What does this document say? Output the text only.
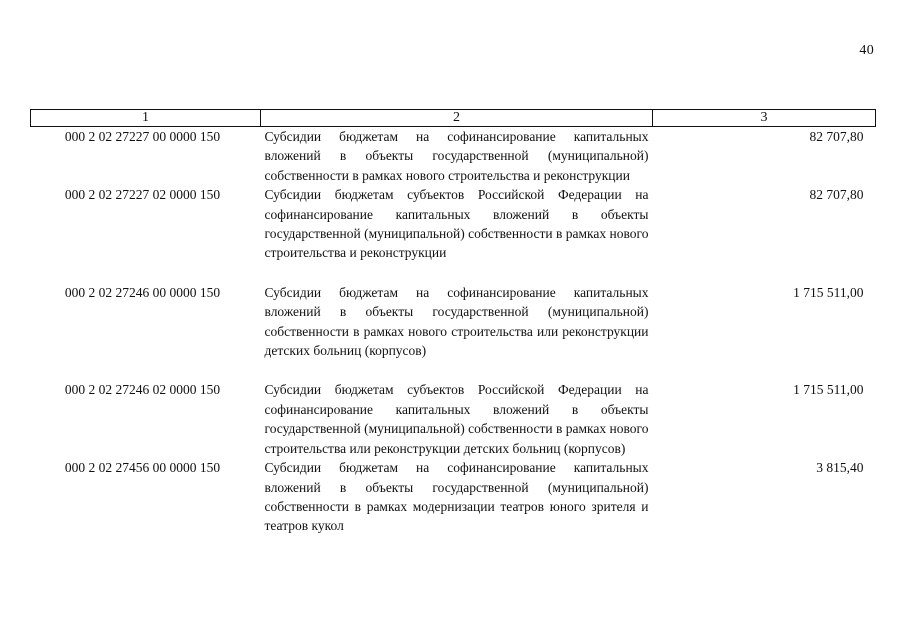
40
1	2	3
000 2 02 27227 00 0000 150	Субсидии бюджетам на софинансирование капитальных вложений в объекты государственной (муниципальной) собственности в рамках нового строительства и реконструкции	82 707,80
000 2 02 27227 02 0000 150	Субсидии бюджетам субъектов Российской Федерации на софинансирование капитальных вложений в объекты государственной (муниципальной) собственности в рамках нового строительства и реконструкции	82 707,80
000 2 02 27246 00 0000 150	Субсидии бюджетам на софинансирование капитальных вложений в объекты государственной (муниципальной) собственности в рамках нового строительства или реконструкции детских больниц (корпусов)	1 715 511,00
000 2 02 27246 02 0000 150	Субсидии бюджетам субъектов Российской Федерации на софинансирование капитальных вложений в объекты государственной (муниципальной) собственности в рамках нового строительства или реконструкции детских больниц (корпусов)	1 715 511,00
000 2 02 27456 00 0000 150	Субсидии бюджетам на софинансирование капитальных вложений в объекты государственной (муниципальной) собственности в рамках модернизации театров юного зрителя и театров кукол	3 815,40
